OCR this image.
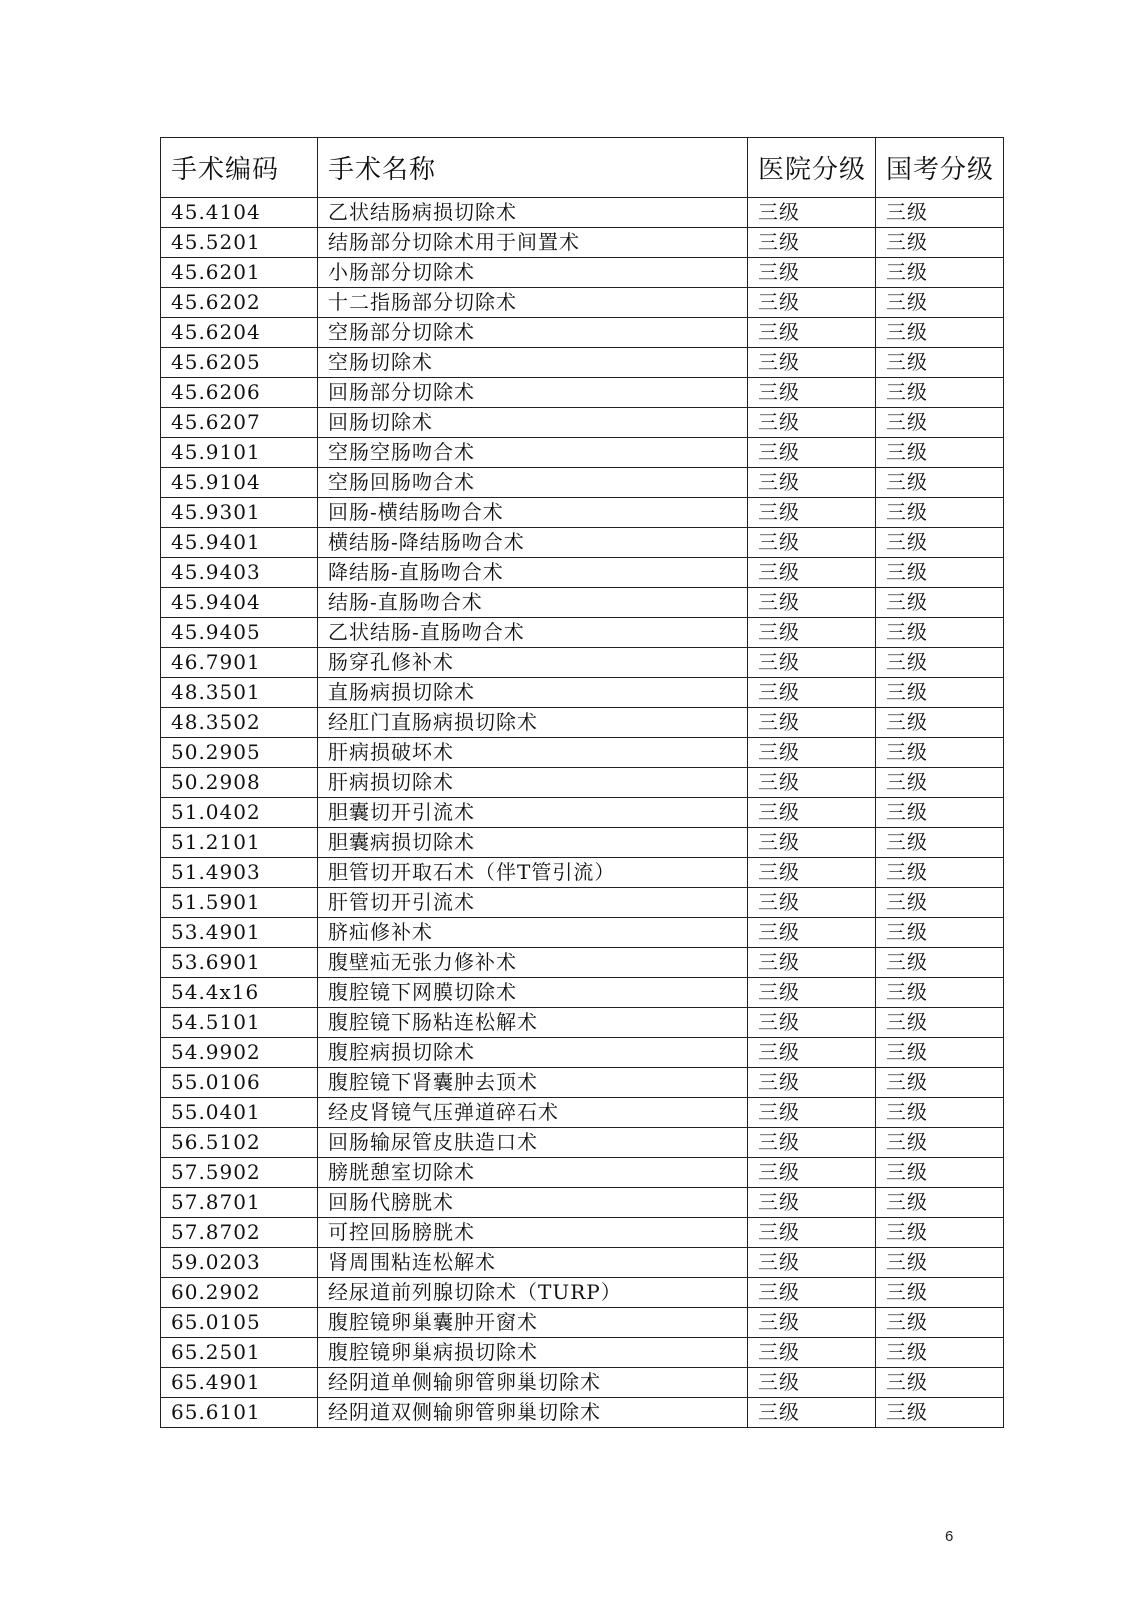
手术编码	手术名称	医院分级	国考分级
45.4104	乙状结肠病损切除术	三级	三级
45.5201	结肠部分切除术用于间置术	三级	三级
45.6201	小肠部分切除术	三级	三级
45.6202	十二指肠部分切除术	三级	三级
45.6204	空肠部分切除术	三级	三级
45.6205	空肠切除术	三级	三级
45.6206	回肠部分切除术	三级	三级
45.6207	回肠切除术	三级	三级
45.9101	空肠空肠吻合术	三级	三级
45.9104	空肠回肠吻合术	三级	三级
45.9301	回肠-横结肠吻合术	三级	三级
45.9401	横结肠-降结肠吻合术	三级	三级
45.9403	降结肠-直肠吻合术	三级	三级
45.9404	结肠-直肠吻合术	三级	三级
45.9405	乙状结肠-直肠吻合术	三级	三级
46.7901	肠穿孔修补术	三级	三级
48.3501	直肠病损切除术	三级	三级
48.3502	经肛门直肠病损切除术	三级	三级
50.2905	肝病损破坏术	三级	三级
50.2908	肝病损切除术	三级	三级
51.0402	胆囊切开引流术	三级	三级
51.2101	胆囊病损切除术	三级	三级
51.4903	胆管切开取石术（伴T管引流）	三级	三级
51.5901	肝管切开引流术	三级	三级
53.4901	脐疝修补术	三级	三级
53.6901	腹壁疝无张力修补术	三级	三级
54.4x16	腹腔镜下网膜切除术	三级	三级
54.5101	腹腔镜下肠粘连松解术	三级	三级
54.9902	腹腔病损切除术	三级	三级
55.0106	腹腔镜下肾囊肿去顶术	三级	三级
55.0401	经皮肾镜气压弹道碎石术	三级	三级
56.5102	回肠输尿管皮肤造口术	三级	三级
57.5902	膀胱憩室切除术	三级	三级
57.8701	回肠代膀胱术	三级	三级
57.8702	可控回肠膀胱术	三级	三级
59.0203	肾周围粘连松解术	三级	三级
60.2902	经尿道前列腺切除术（TURP）	三级	三级
65.0105	腹腔镜卵巢囊肿开窗术	三级	三级
65.2501	腹腔镜卵巢病损切除术	三级	三级
65.4901	经阴道单侧输卵管卵巢切除术	三级	三级
65.6101	经阴道双侧输卵管卵巢切除术	三级	三级
6
